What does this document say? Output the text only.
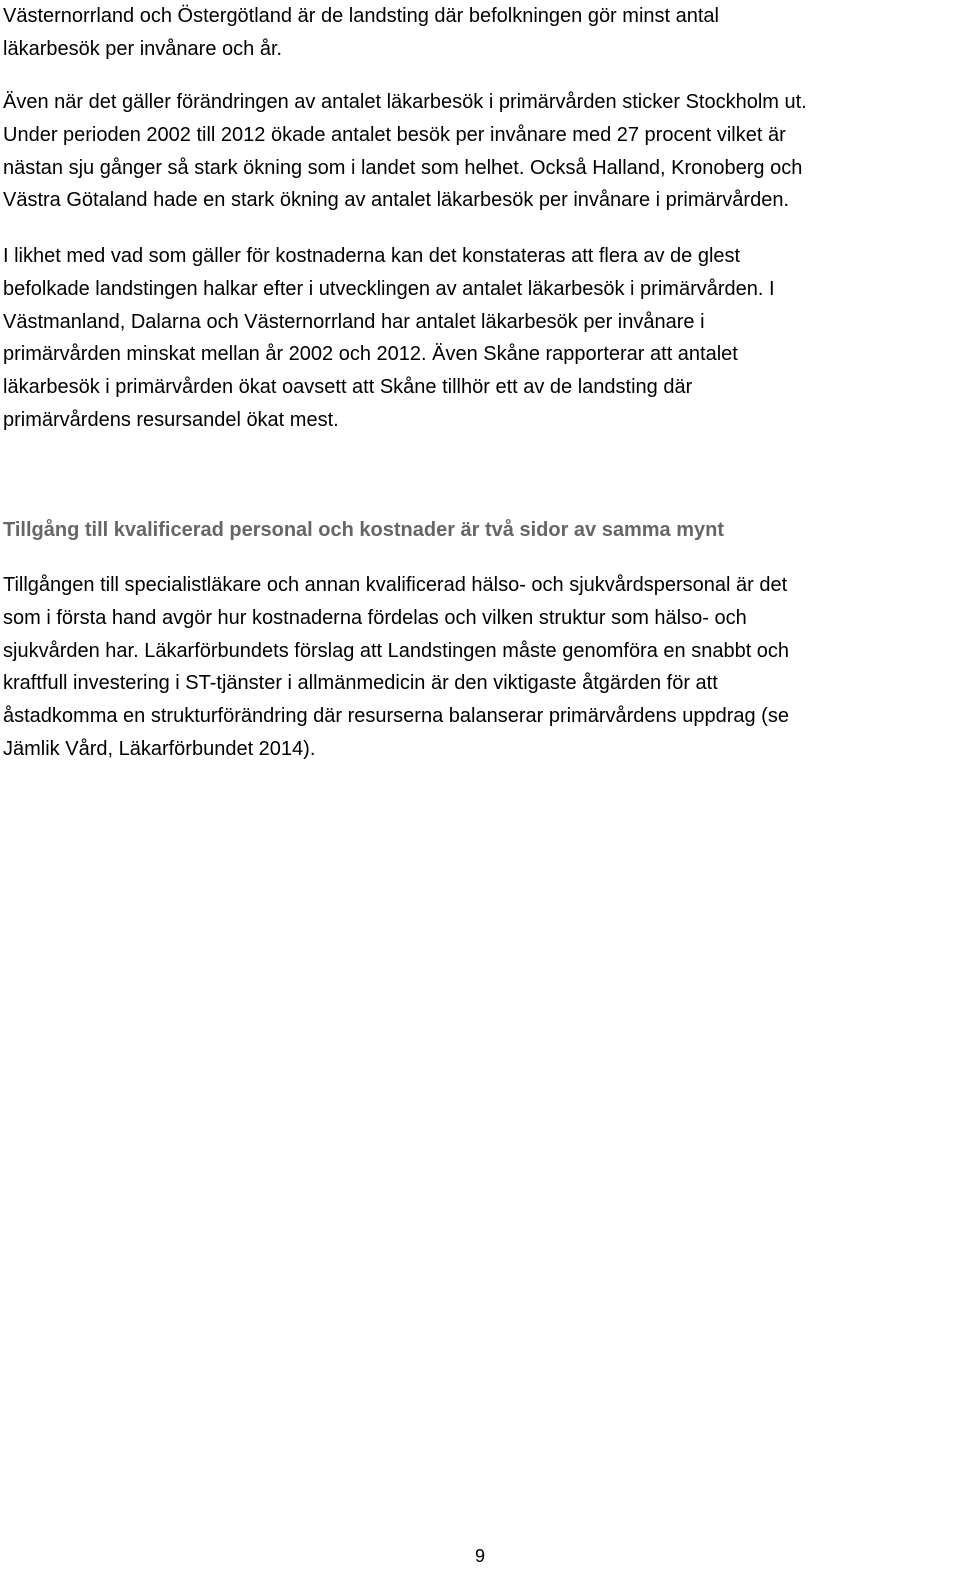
Västernorrland och Östergötland är de landsting där befolkningen gör minst antal
läkarbesök per invånare och år.

Även när det gäller förändringen av antalet läkarbesök i primärvården sticker Stockholm ut.
Under perioden 2002 till 2012 ökade antalet besök per invånare med 27 procent vilket är
nästan sju gånger så stark ökning som i landet som helhet. Också Halland, Kronoberg och
Västra Götaland hade en stark ökning av antalet läkarbesök per invånare i primärvården.

I likhet med vad som gäller för kostnaderna kan det konstateras att flera av de glest
befolkade landstingen halkar efter i utvecklingen av antalet läkarbesök i primärvården. I
Västmanland, Dalarna och Västernorrland har antalet läkarbesök per invånare i
primärvården minskat mellan år 2002 och 2012. Även Skåne rapporterar att antalet
läkarbesök i primärvården ökat oavsett att Skåne tillhör ett av de landsting där
primärvårdens resursandel ökat mest.

Tillgång till kvalificerad personal och kostnader är två sidor av samma mynt

Tillgången till specialistläkare och annan kvalificerad hälso- och sjukvårdspersonal är det
som i första hand avgör hur kostnaderna fördelas och vilken struktur som hälso- och
sjukvården har. Läkarförbundets förslag att Landstingen måste genomföra en snabbt och
kraftfull investering i ST-tjänster i allmänmedicin är den viktigaste åtgärden för att
åstadkomma en strukturförändring där resurserna balanserar primärvårdens uppdrag (se
Jämlik Vård, Läkarförbundet 2014).

9
